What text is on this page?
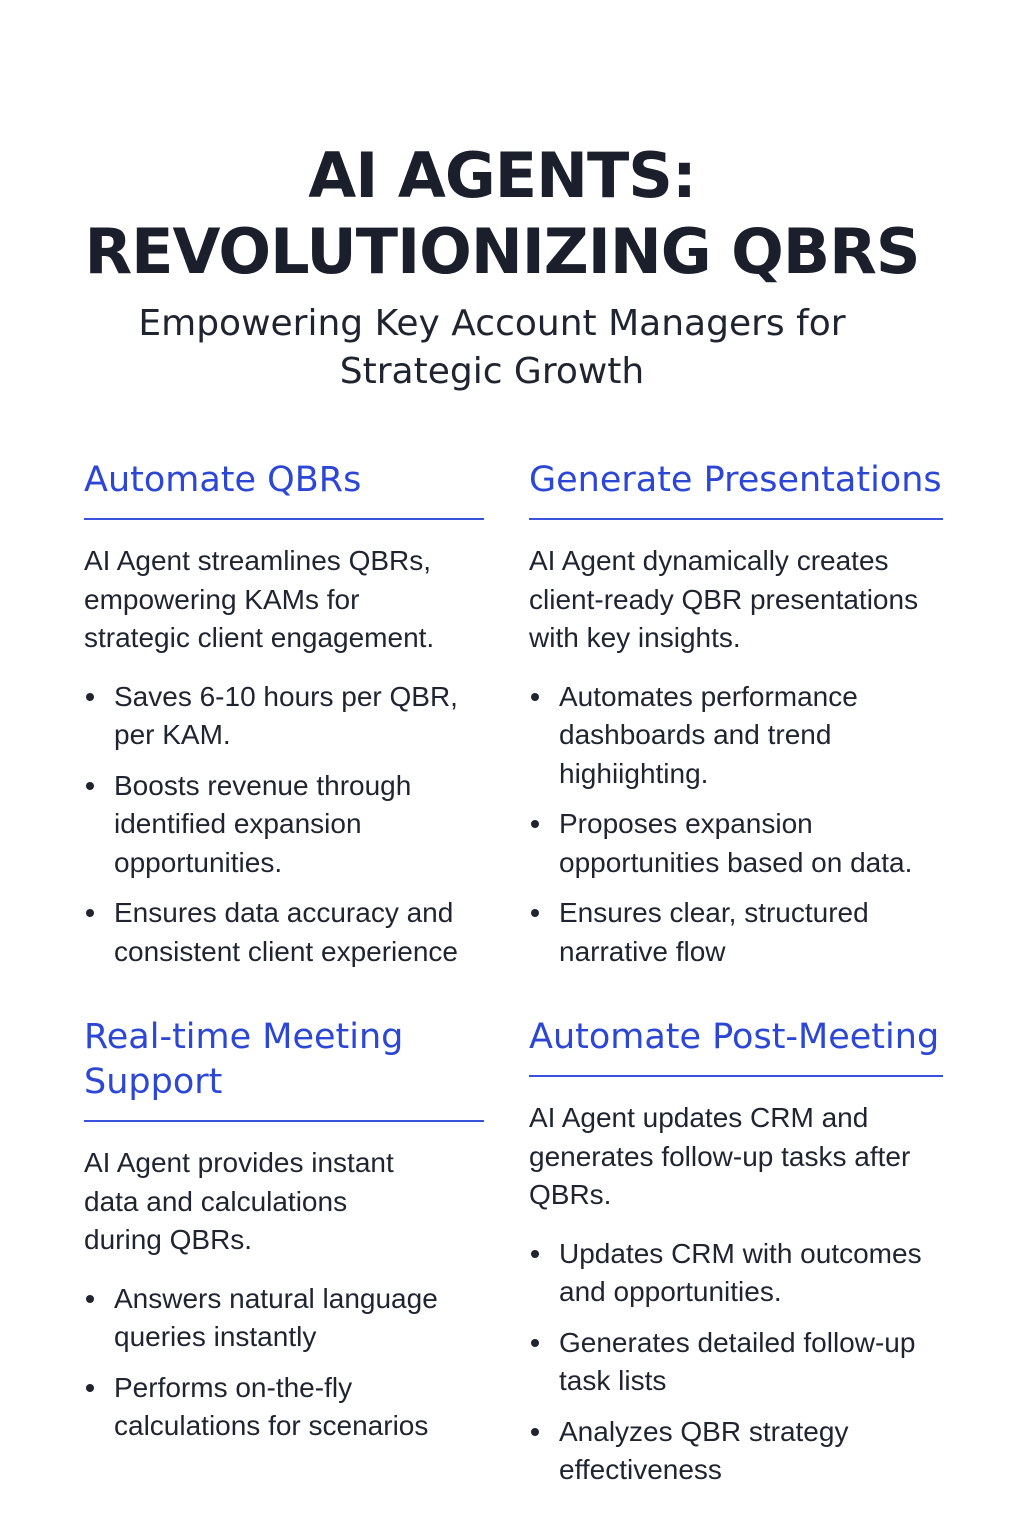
AI AGENTS:
REVOLUTIONIZING QBRS

Empowering Key Account Managers for
Strategic Growth

Automate QBRs

AI Agent streamlines QBRs,
empowering KAMs for
strategic client engagement.

Saves 6-10 hours per QBR,
per KAM.
Boosts revenue through
identified expansion
opportunities.
Ensures data accuracy and
consistent client experience
Generate Presentations

AI Agent dynamically creates
client-ready QBR presentations
with key insights.

Automates performance
dashboards and trend
highiighting.
Proposes expansion
opportunities based on data.
Ensures clear, structured
narrative flow
Real-time Meeting
Support

AI Agent provides instant
data and calculations
during QBRs.

Answers natural language
queries instantly
Performs on-the-fly
calculations for scenarios
Automate Post-Meeting

AI Agent updates CRM and
generates follow-up tasks after
QBRs.

Updates CRM with outcomes
and opportunities.
Generates detailed follow-up
task lists
Analyzes QBR strategy
effectiveness
